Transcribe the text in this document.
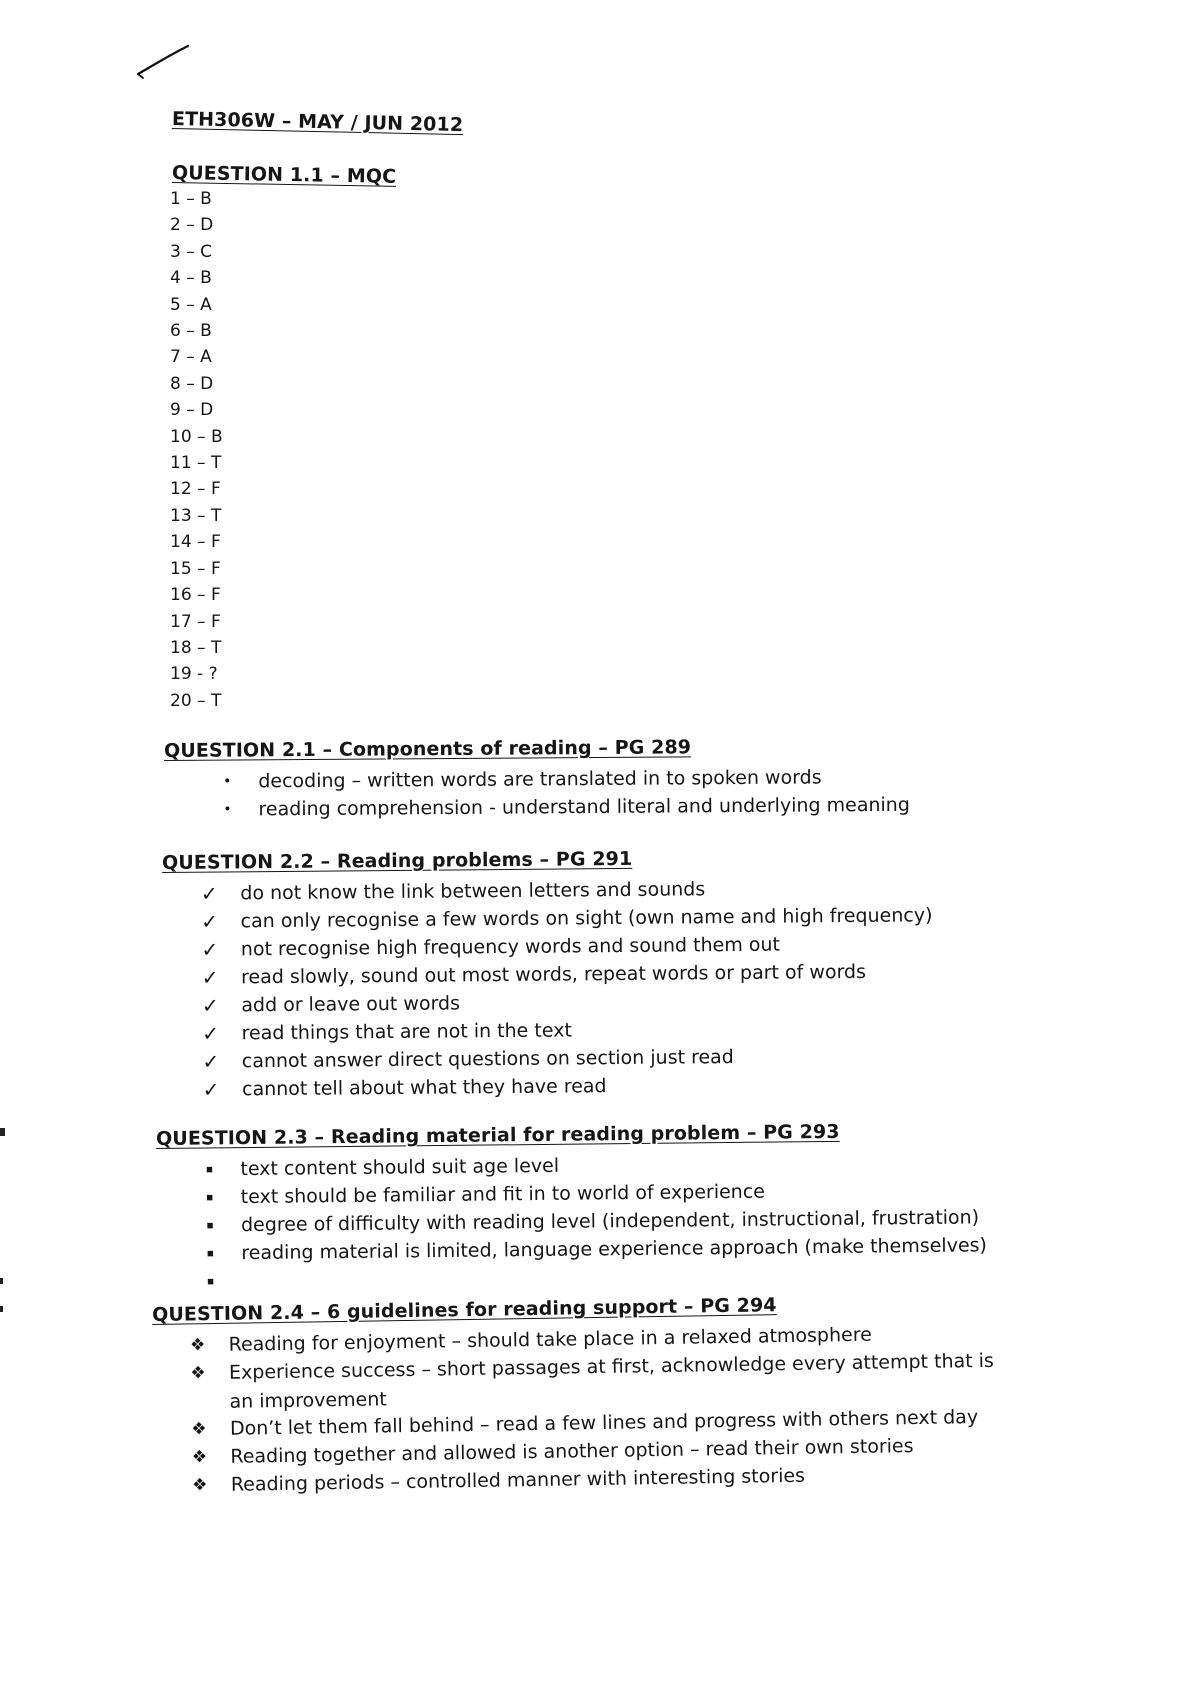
ETH306W – MAY / JUN 2012
QUESTION 1.1 – MQC
1 – B
2 – D
3 – C
4 – B
5 – A
6 – B
7 – A
8 – D
9 – D
10 – B
11 – T
12 – F
13 – T
14 – F
15 – F
16 – F
17 – F
18 – T
19 - ?
20 – T
QUESTION 2.1 – Components of reading – PG 289
•	decoding – written words are translated in to spoken words
•	reading comprehension - understand literal and underlying meaning
QUESTION 2.2 – Reading problems – PG 291
✓ do not know the link between letters and sounds
✓ can only recognise a few words on sight (own name and high frequency)
✓ not recognise high frequency words and sound them out
✓ read slowly, sound out most words, repeat words or part of words
✓ add or leave out words
✓ read things that are not in the text
✓ cannot answer direct questions on section just read
✓ cannot tell about what they have read
QUESTION 2.3 – Reading material for reading problem – PG 293
▪	text content should suit age level
▪	text should be familiar and fit in to world of experience
▪	degree of difficulty with reading level (independent, instructional, frustration)
▪	reading material is limited, language experience approach (make themselves)
▪
QUESTION 2.4 – 6 guidelines for reading support – PG 294
❖ Reading for enjoyment – should take place in a relaxed atmosphere
❖ Experience success – short passages at first, acknowledge every attempt that is an improvement
❖ Don’t let them fall behind – read a few lines and progress with others next day
❖ Reading together and allowed is another option – read their own stories
❖ Reading periods – controlled manner with interesting stories
